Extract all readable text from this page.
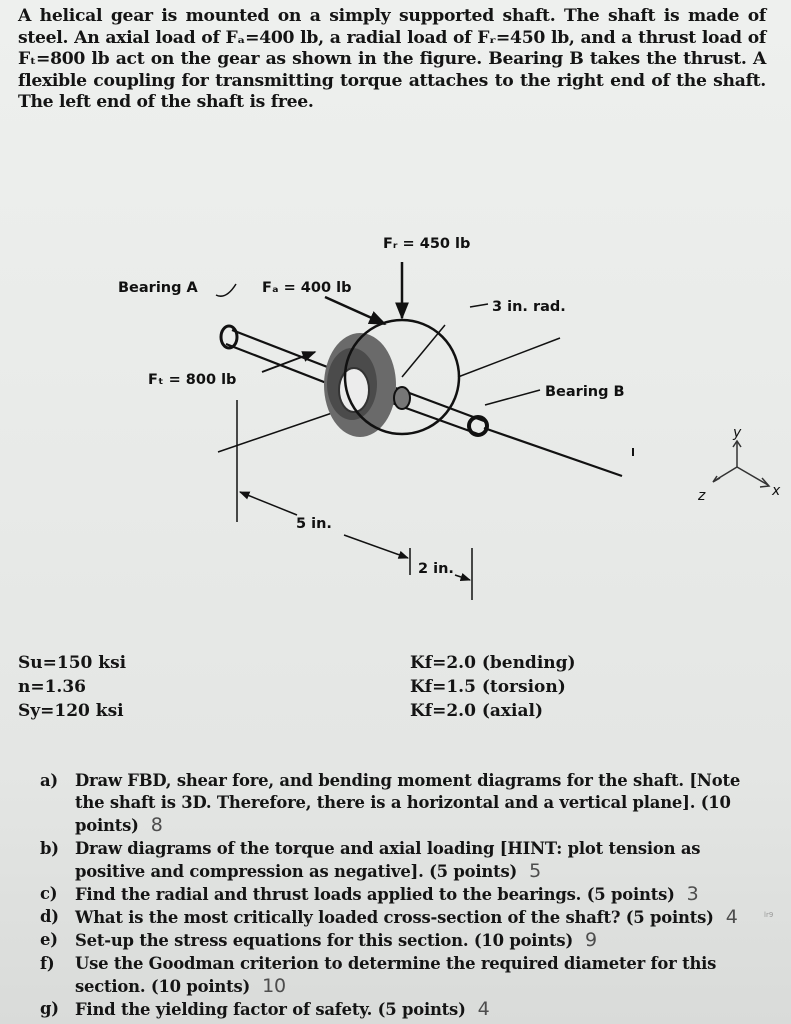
A helical gear is mounted on a simply supported shaft. The shaft is made of steel. An axial load of Fₐ=400 lb, a radial load of Fᵣ=450 lb, and a thrust load of Fₜ=800 lb act on the gear as shown in the figure. Bearing B takes the thrust. A flexible coupling for transmitting torque attaches to the right end of the shaft. The left end of the shaft is free.

Fᵣ = 450 lb
Bearing A	Fₐ = 400 lb
3 in. rad.
Fₜ = 800 lb
Bearing B
5 in.
2 in.
y
x
z
Su=150 ksi
n=1.36
Sy=120 ksi
Kf=2.0 (bending)
Kf=1.5 (torsion)
Kf=2.0 (axial)
a) Draw FBD, shear fore, and bending moment diagrams for the shaft. [Note the shaft is 3D. Therefore, there is a horizontal and a vertical plane]. (10 points) 8
b) Draw diagrams of the torque and axial loading [HINT: plot tension as positive and compression as negative]. (5 points) 5
c) Find the radial and thrust loads applied to the bearings. (5 points) 3
d) What is the most critically loaded cross-section of the shaft? (5 points) 4
e) Set-up the stress equations for this section. (10 points) 9
f) Use the Goodman criterion to determine the required diameter for this section. (10 points) 10
g) Find the yielding factor of safety. (5 points) 4
lr9
